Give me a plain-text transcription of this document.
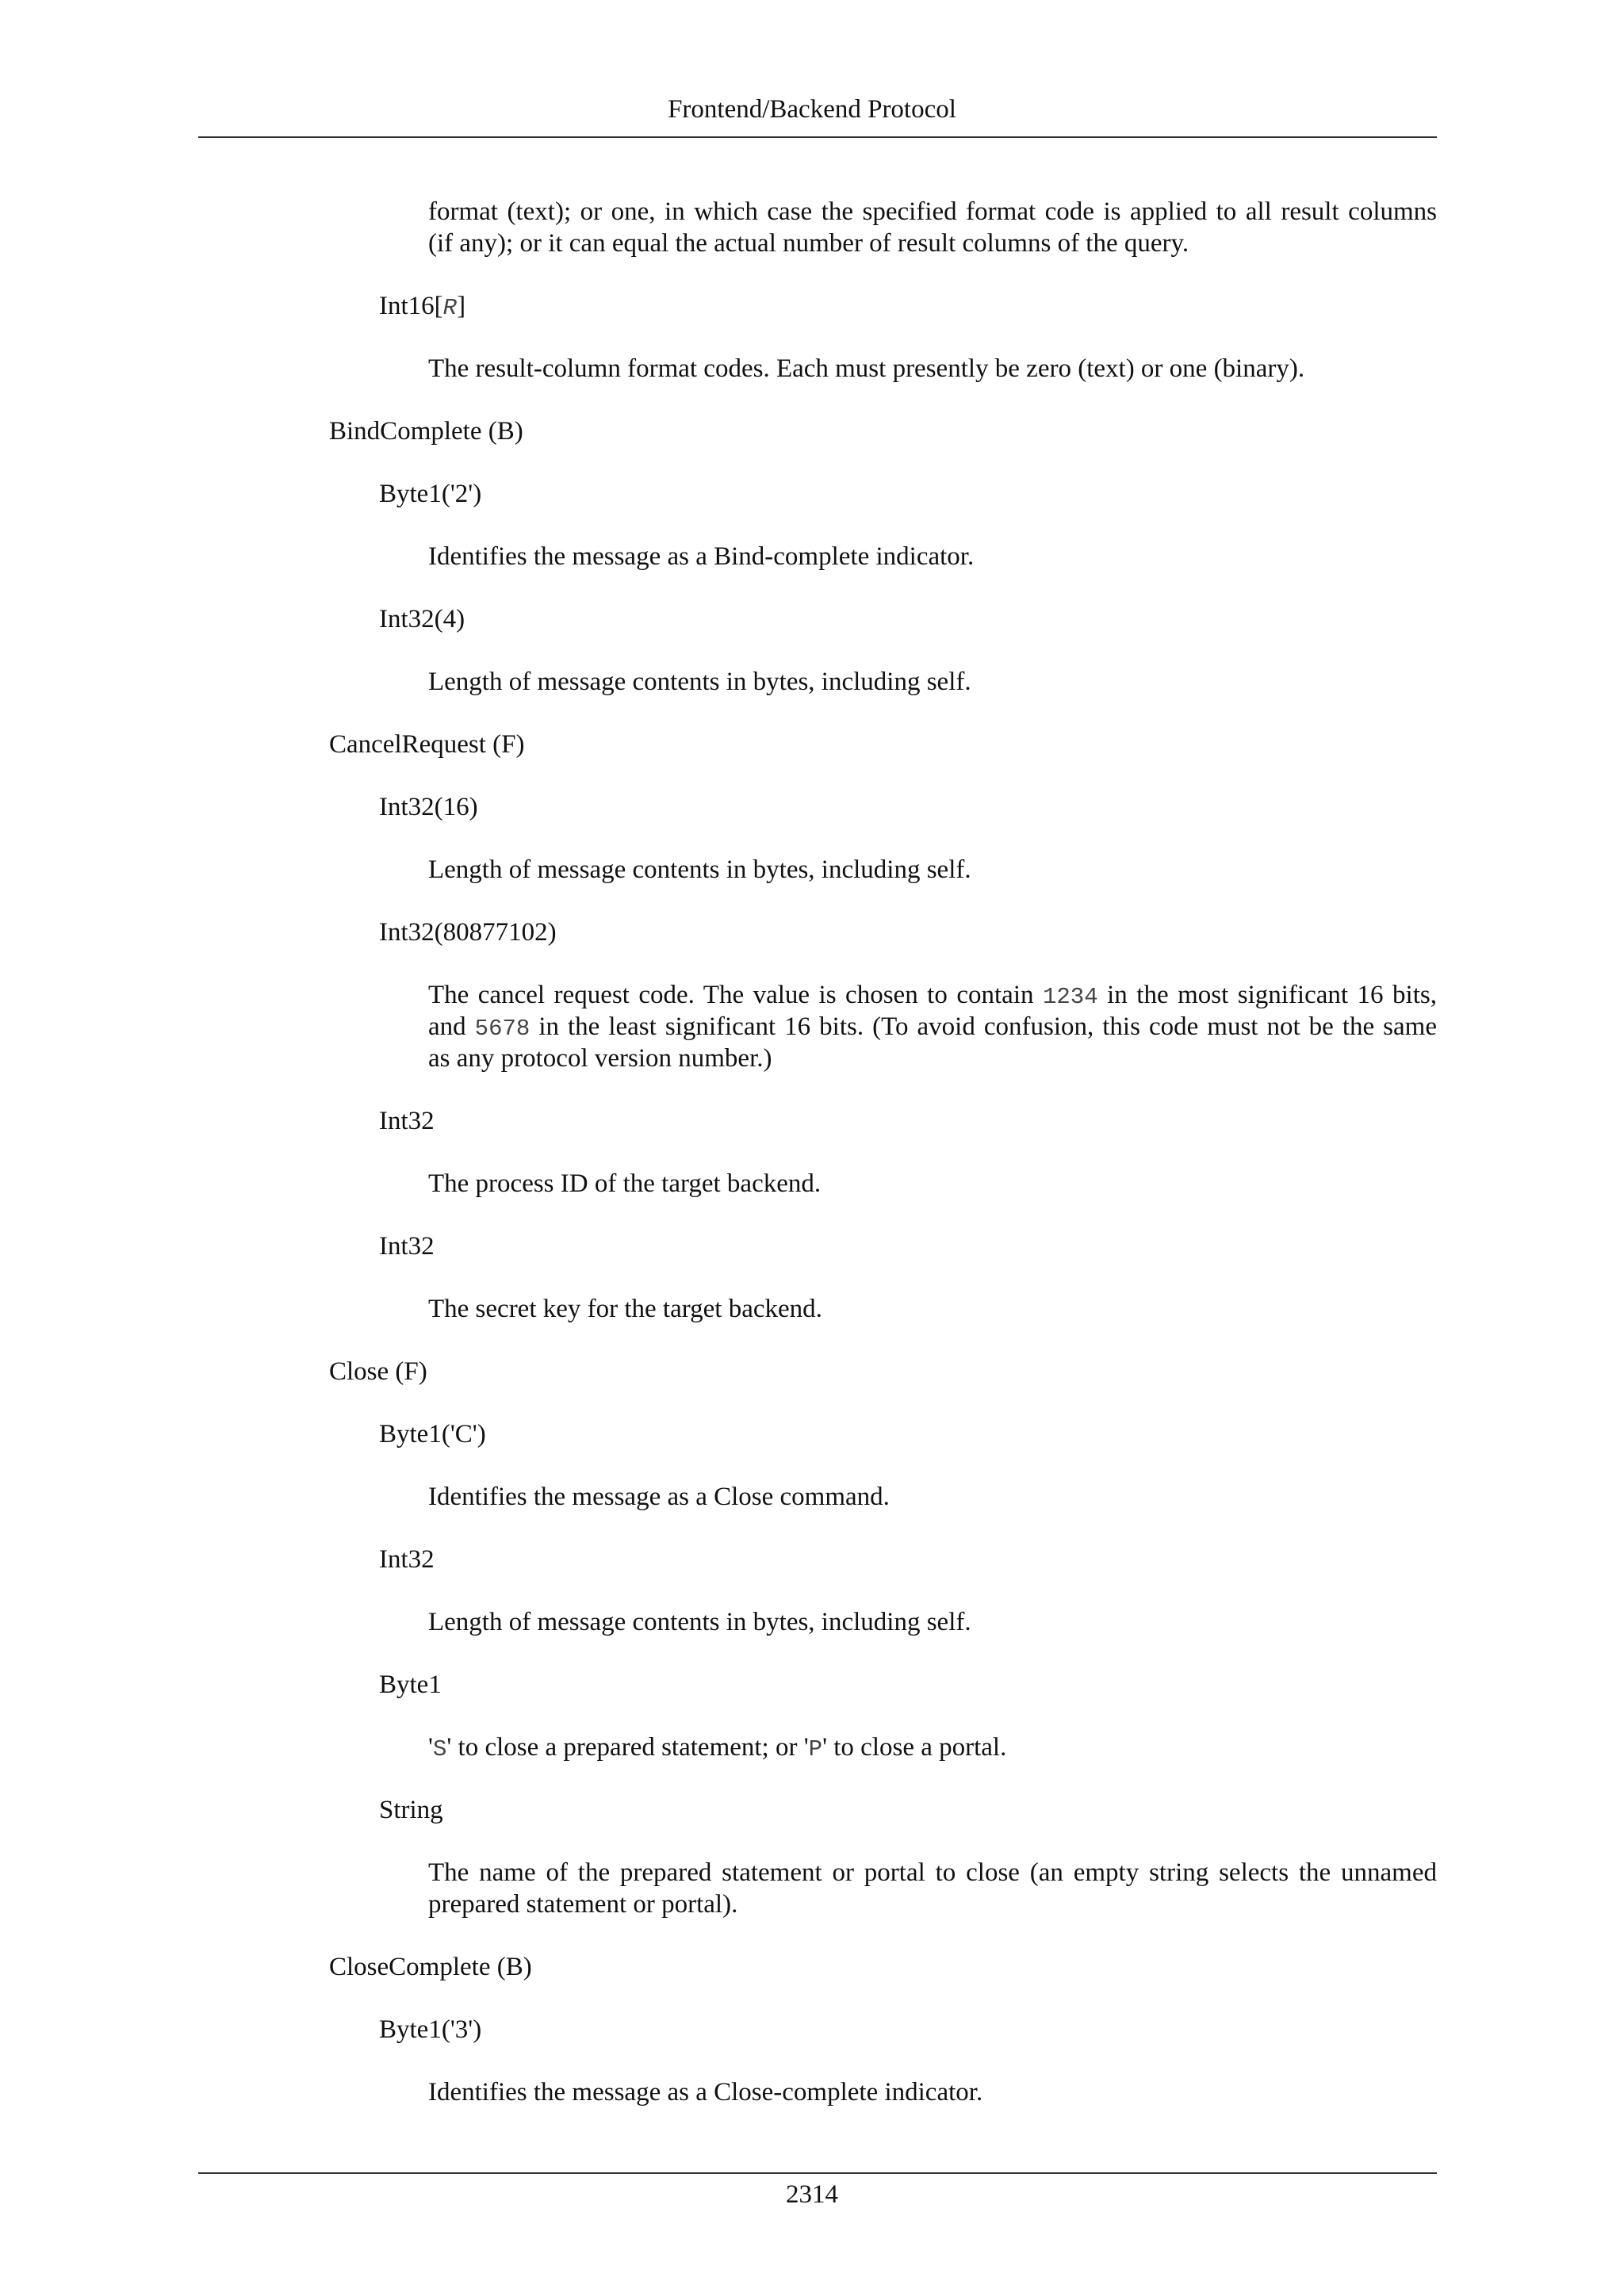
Frontend/Backend Protocol
format (text); or one, in which case the specified format code is applied to all result columns
(if any); or it can equal the actual number of result columns of the query.
Int16[R]
The result-column format codes. Each must presently be zero (text) or one (binary).
BindComplete (B)
Byte1('2')
Identifies the message as a Bind-complete indicator.
Int32(4)
Length of message contents in bytes, including self.
CancelRequest (F)
Int32(16)
Length of message contents in bytes, including self.
Int32(80877102)
The cancel request code. The value is chosen to contain 1234 in the most significant 16 bits,
and 5678 in the least significant 16 bits. (To avoid confusion, this code must not be the same
as any protocol version number.)
Int32
The process ID of the target backend.
Int32
The secret key for the target backend.
Close (F)
Byte1('C')
Identifies the message as a Close command.
Int32
Length of message contents in bytes, including self.
Byte1
'S' to close a prepared statement; or 'P' to close a portal.
String
The name of the prepared statement or portal to close (an empty string selects the unnamed
prepared statement or portal).
CloseComplete (B)
Byte1('3')
Identifies the message as a Close-complete indicator.
2314
